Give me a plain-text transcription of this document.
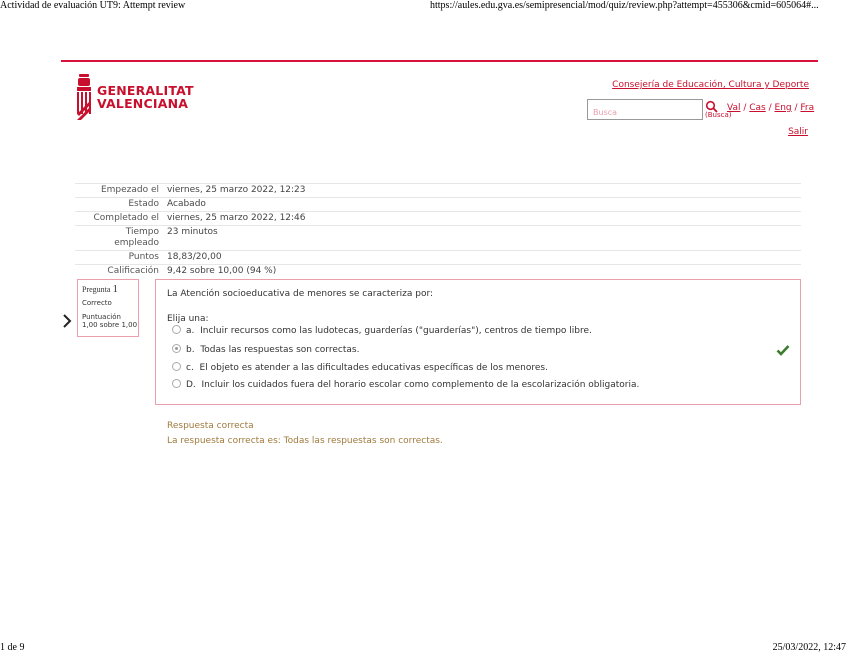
Actividad de evaluación UT9: Attempt review	https://aules.edu.gva.es/semipresencial/mod/quiz/review.php?attempt=455306&cmid=605064#...
1 de 9	25/03/2022, 12:47
GENERALITAT
VALENCIANA
Consejería de Educación, Cultura y Deporte
Busca
(Busca)
Val / Cas / Eng / Fra
Salir
Empezado el	viernes, 25 marzo 2022, 12:23
Estado	Acabado
Completado el	viernes, 25 marzo 2022, 12:46
Tiempo empleado	23 minutos
Puntos	18,83/20,00
Calificación	9,42 sobre 10,00 (94 %)
Pregunta 1
Correcto
Puntuación
1,00 sobre 1,00
La Atención socioeducativa de menores se caracteriza por:
Elija una:
a. Incluir recursos como las ludotecas, guarderías ("guarderías"), centros de tiempo libre.
b. Todas las respuestas son correctas.
c. El objeto es atender a las dificultades educativas específicas de los menores.
D. Incluir los cuidados fuera del horario escolar como complemento de la escolarización obligatoria.
Respuesta correcta
La respuesta correcta es: Todas las respuestas son correctas.
